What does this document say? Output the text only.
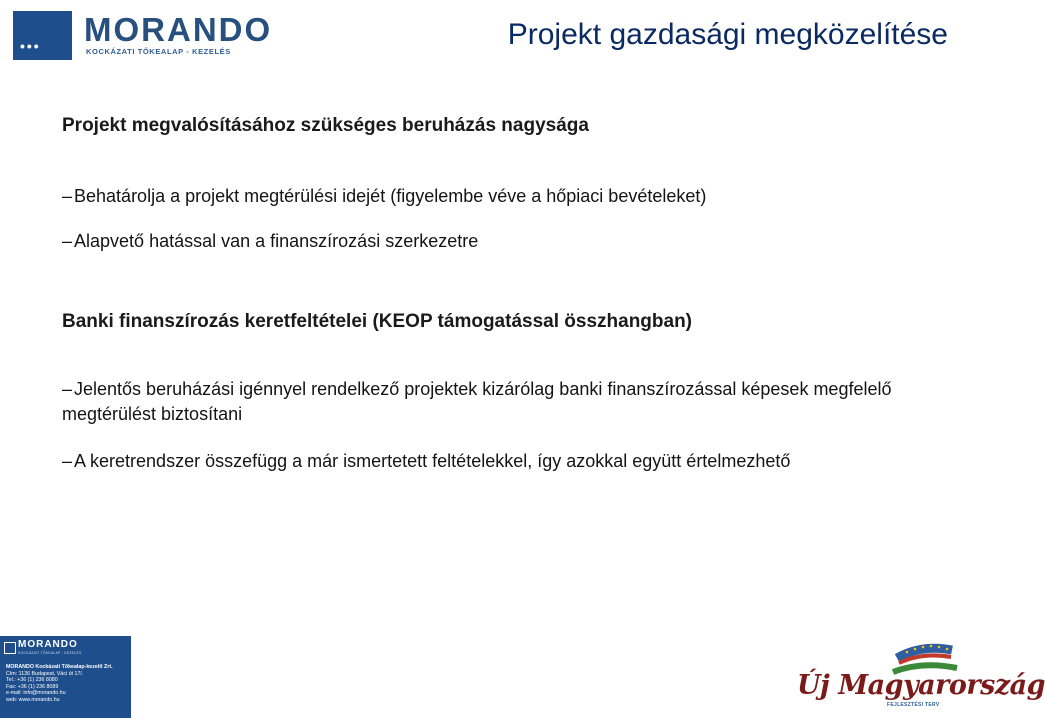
••• MORANDO
KOCKÁZATI TŐKEALAP - KEZELÉS
Projekt gazdasági megközelítése
Projekt megvalósításához szükséges beruházás nagysága
– Behatárolja a projekt megtérülési idejét (figyelembe véve a hőpiaci bevételeket)
– Alapvető hatással van a finanszírozási szerkezetre
Banki finanszírozás keretfeltételei (KEOP támogatással összhangban)
– Jelentős beruházási igénnyel rendelkező projektek kizárólag banki finanszírozással képesek megfelelő megtérülést biztosítani
– A keretrendszer összefügg a már ismertetett feltételekkel, így azokkal együtt értelmezhető
MORANDO
KOCKÁZATI TŐKEALAP - KEZELÉS
MORANDO Kockázati Tőkealap-kezelő Zrt.
Cím: 1136 Budapest, Váci út 17/.
Tel.: +36 (1) 236 8080
Fax: +36 (1) 236 8089
e-mail: info@morando.hu
web: www.morando.hu	Új Magyarország
FEJLESZTÉSI TERV
